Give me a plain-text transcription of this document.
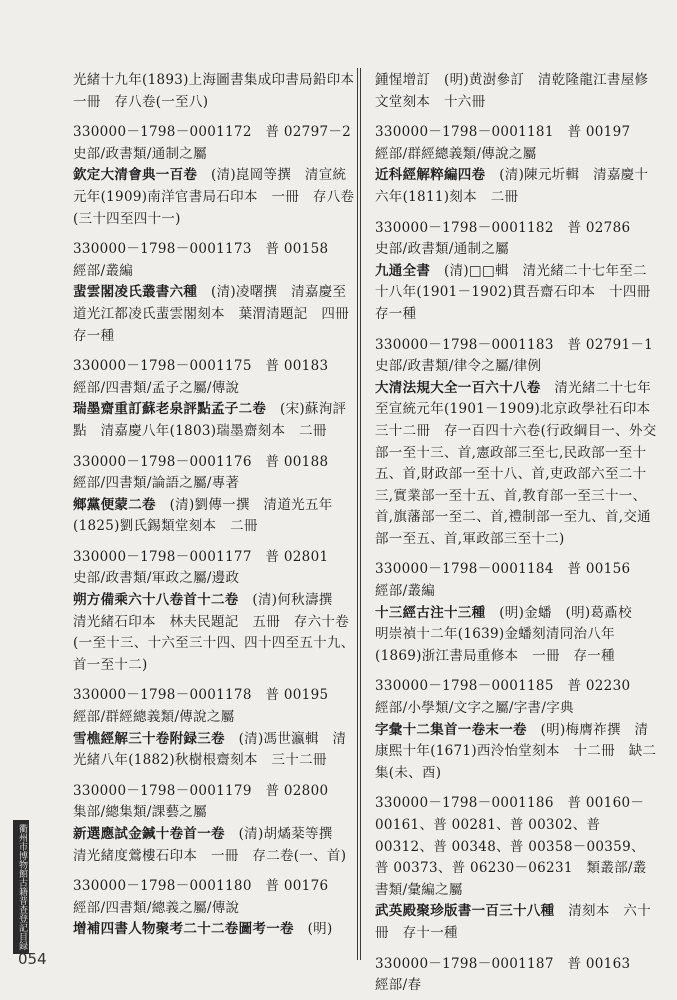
光緒十九年(1893)上海圖書集成印書局鉛印本　一冊　存八卷(一至八)

330000－1798－0001172　普 02797－2　史部/政書類/通制之屬

欽定大清會典一百卷　(清)崑岡等撰　清宣統元年(1909)南洋官書局石印本　一冊　存八卷(三十四至四十一)

330000－1798－0001173　普 00158　經部/叢編

蜚雲閣凌氏叢書六種　(清)凌曙撰　清嘉慶至道光江都凌氏蜚雲閣刻本　葉渭清題記　四冊　存一種

330000－1798－0001175　普 00183　經部/四書類/孟子之屬/傳說

瑞墨齋重訂蘇老泉評點孟子二卷　(宋)蘇洵評點　清嘉慶八年(1803)瑞墨齋刻本　二冊

330000－1798－0001176　普 00188　經部/四書類/論語之屬/專著

鄉黨便蒙二卷　(清)劉傳一撰　清道光五年(1825)劉氏錫類堂刻本　二冊

330000－1798－0001177　普 02801　史部/政書類/軍政之屬/邊政

朔方備乘六十八卷首十二卷　(清)何秋濤撰　清光緒石印本　林夫民題記　五冊　存六十卷(一至十三、十六至三十四、四十四至五十九、首一至十二)

330000－1798－0001178　普 00195　經部/群經總義類/傳說之屬

雪樵經解三十卷附録三卷　(清)馮世瀛輯　清光緒八年(1882)秋樹根齋刻本　三十二冊

330000－1798－0001179　普 02800　集部/總集類/課藝之屬

新選應試金鍼十卷首一卷　(清)胡燏棻等撰　清光緒度鶯樓石印本　一冊　存二卷(一、首)

330000－1798－0001180　普 00176　經部/四書類/總義之屬/傳說

增補四書人物聚考二十二卷圖考一卷　(明)

鍾惺增訂　(明)黄澍參訂　清乾隆龍江書屋修文堂刻本　十六冊

330000－1798－0001181　普 00197　經部/群經總義類/傳說之屬

近科經解粹編四卷　(清)陳元圻輯　清嘉慶十六年(1811)刻本　二冊

330000－1798－0001182　普 02786　史部/政書類/通制之屬

九通全書　(清)□□輯　清光緒二十七年至二十八年(1901－1902)貫吾齋石印本　十四冊　存一種

330000－1798－0001183　普 02791－1　史部/政書類/律令之屬/律例

大清法規大全一百六十八卷　清光緒二十七年至宣統元年(1901－1909)北京政學社石印本　三十二冊　存一百四十六卷(行政綱目一、外交部一至十三、首,憲政部三至七,民政部一至十五、首,財政部一至十八、首,吏政部六至二十三,實業部一至十五、首,教育部一至三十一、首,旗藩部一至二、首,禮制部一至九、首,交通部一至五、首,軍政部三至十二)

330000－1798－0001184　普 00156　經部/叢編

十三經古注十三種　(明)金蟠　(明)葛鼒校　明崇禎十二年(1639)金蟠刻清同治八年(1869)浙江書局重修本　一冊　存一種

330000－1798－0001185　普 02230　經部/小學類/文字之屬/字書/字典

字彙十二集首一卷末一卷　(明)梅膺祚撰　清康熙十年(1671)西泠怡堂刻本　十二冊　缺二集(未、酉)

330000－1798－0001186　普 00160－00161、普 00281、普 00302、普 00312、普 00348、普 00358－00359、普 00373、普 06230－06231　類叢部/叢書類/彙編之屬

武英殿聚珍版書一百三十八種　清刻本　六十冊　存十一種

330000－1798－0001187　普 00163　經部/春

衢州市博物館古籍普查登記目録
054
